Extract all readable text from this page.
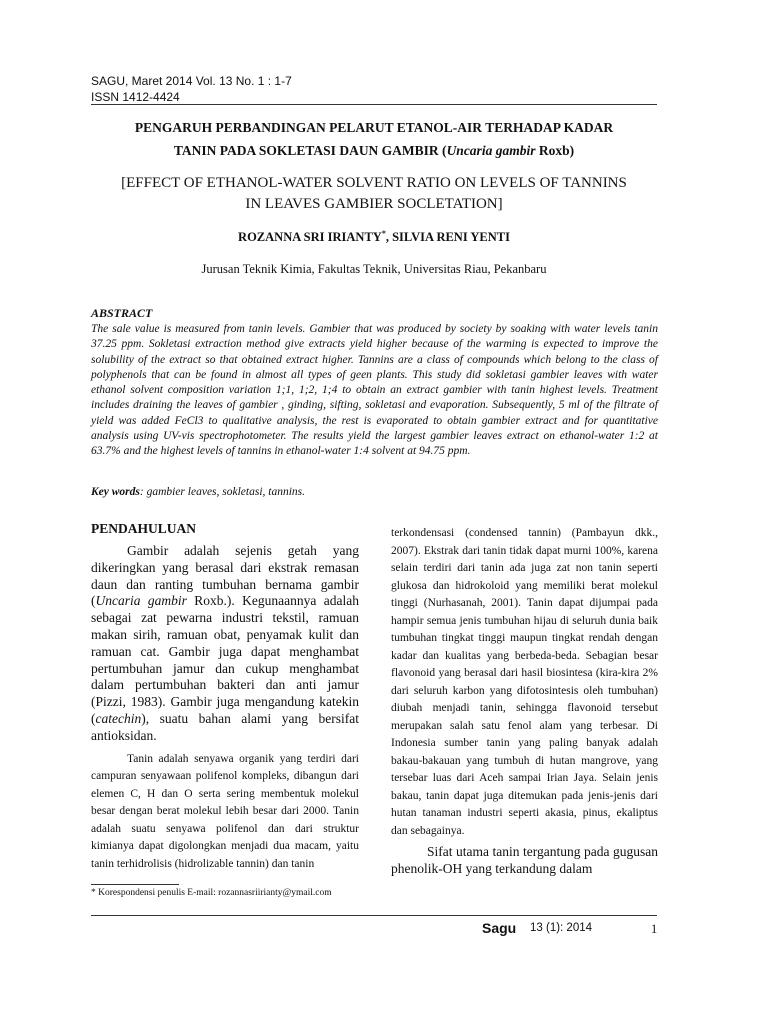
SAGU, Maret 2014 Vol. 13 No. 1 : 1-7
ISSN 1412-4424
PENGARUH PERBANDINGAN PELARUT ETANOL-AIR TERHADAP KADAR
TANIN PADA SOKLETASI DAUN GAMBIR (Uncaria gambir Roxb)
[EFFECT OF ETHANOL-WATER SOLVENT RATIO ON LEVELS OF TANNINS
IN LEAVES GAMBIER SOCLETATION]
ROZANNA SRI IRIANTY*, SILVIA RENI YENTI
Jurusan Teknik Kimia, Fakultas Teknik, Universitas Riau, Pekanbaru
ABSTRACT
The sale value is measured from tanin levels. Gambier that was produced by society by soaking with water levels tanin 37.25 ppm. Sokletasi extraction method give extracts yield higher because of the warming is expected to improve the solubility of the extract so that obtained extract higher. Tannins are a class of compounds which belong to the class of polyphenols that can be found in almost all types of geen plants. This study did sokletasi gambier leaves with water ethanol solvent composition variation 1;1, 1;2, 1;4 to obtain an extract gambier with tanin highest levels. Treatment includes draining the leaves of gambier , ginding, sifting, sokletasi and evaporation. Subsequently, 5 ml of the filtrate of yield was added FeCl3 to qualitative analysis, the rest is evaporated to obtain gambier extract and for quantitative analysis using UV-vis spectrophotometer. The results yield the largest gambier leaves extract on ethanol-water 1:2 at 63.7% and the highest levels of tannins in ethanol-water 1:4 solvent at 94.75 ppm.
Key words: gambier leaves, sokletasi, tannins.
PENDAHULUAN

Gambir adalah sejenis getah yang dikeringkan yang berasal dari ekstrak remasan daun dan ranting tumbuhan bernama gambir (Uncaria gambir Roxb.). Kegunaannya adalah sebagai zat pewarna industri tekstil, ramuan makan sirih, ramuan obat, penyamak kulit dan ramuan cat. Gambir juga dapat menghambat pertumbuhan jamur dan cukup menghambat dalam pertumbuhan bakteri dan anti jamur (Pizzi, 1983). Gambir juga mengandung katekin (catechin), suatu bahan alami yang bersifat antioksidan.

Tanin adalah senyawa organik yang terdiri dari campuran senyawaan polifenol kompleks, dibangun dari elemen C, H dan O serta sering membentuk molekul besar dengan berat molekul lebih besar dari 2000. Tanin adalah suatu senyawa polifenol dan dari struktur kimianya dapat digolongkan menjadi dua macam, yaitu tanin terhidrolisis (hidrolizable tannin) dan tanin

terkondensasi (condensed tannin) (Pambayun dkk., 2007). Ekstrak dari tanin tidak dapat murni 100%, karena selain terdiri dari tanin ada juga zat non tanin seperti glukosa dan hidrokoloid yang memiliki berat molekul tinggi (Nurhasanah, 2001). Tanin dapat dijumpai pada hampir semua jenis tumbuhan hijau di seluruh dunia baik tumbuhan tingkat tinggi maupun tingkat rendah dengan kadar dan kualitas yang berbeda-beda. Sebagian besar flavonoid yang berasal dari hasil biosintesa (kira-kira 2% dari seluruh karbon yang difotosintesis oleh tumbuhan) diubah menjadi tanin, sehingga flavonoid tersebut merupakan salah satu fenol alam yang terbesar. Di Indonesia sumber tanin yang paling banyak adalah bakau-bakauan yang tumbuh di hutan mangrove, yang tersebar luas dari Aceh sampai Irian Jaya. Selain jenis bakau, tanin dapat juga ditemukan pada jenis-jenis dari hutan tanaman industri seperti akasia, pinus, ekaliptus dan sebagainya.

Sifat utama tanin tergantung pada gugusan phenolik-OH yang terkandung dalam

* Korespondensi penulis E-mail: rozannasriirianty@ymail.com
Sagu 13 (1): 2014	1
